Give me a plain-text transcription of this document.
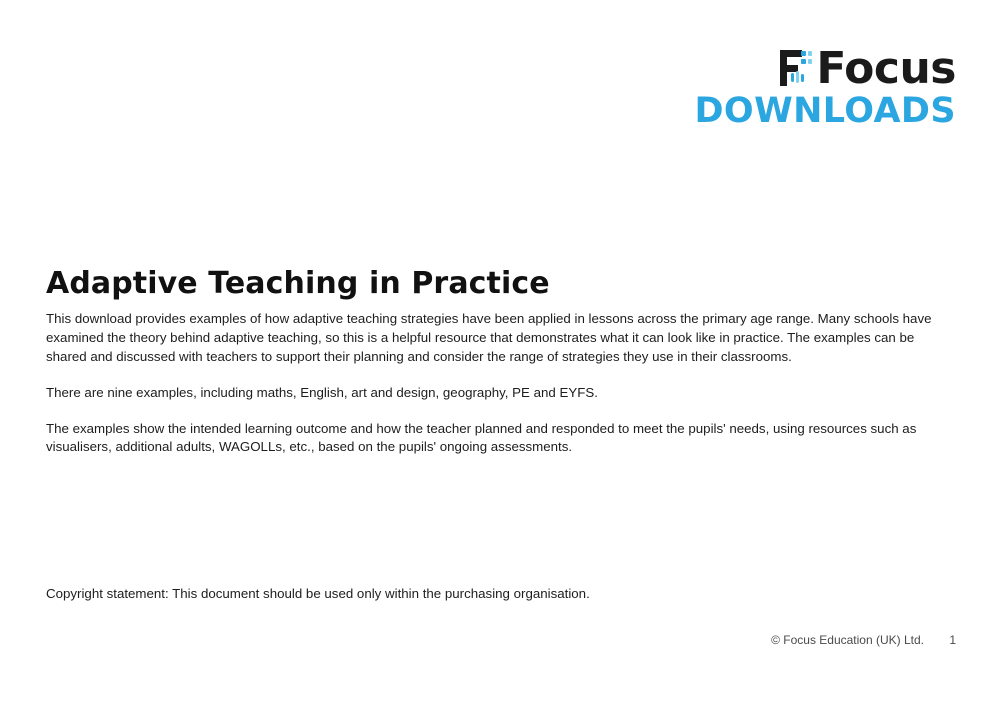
Focus
DOWNLOADS
Adaptive Teaching in Practice

This download provides examples of how adaptive teaching strategies have been applied in lessons across the primary age range. Many schools have examined the theory behind adaptive teaching, so this is a helpful resource that demonstrates what it can look like in practice. The examples can be shared and discussed with teachers to support their planning and consider the range of strategies they use in their classrooms.

There are nine examples, including maths, English, art and design, geography, PE and EYFS.

The examples show the intended learning outcome and how the teacher planned and responded to meet the pupils' needs, using resources such as visualisers, additional adults, WAGOLLs, etc., based on the pupils' ongoing assessments.

Copyright statement: This document should be used only within the purchasing organisation.
© Focus Education (UK) Ltd. 1
